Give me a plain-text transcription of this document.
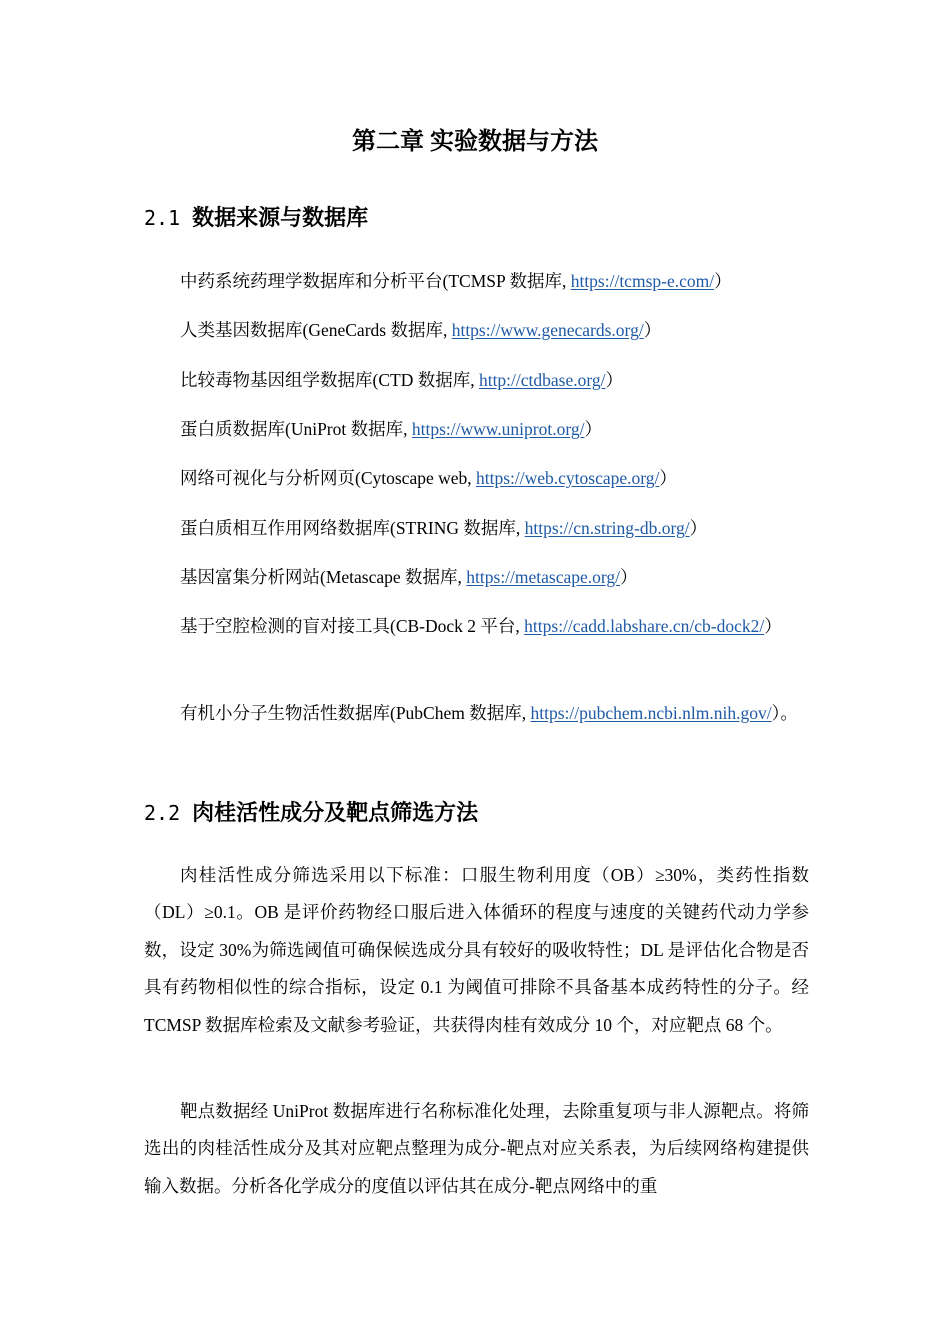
第二章 实验数据与方法
2.1 数据来源与数据库
中药系统药理学数据库和分析平台(TCMSP 数据库, https://tcmsp-e.com/）
人类基因数据库(GeneCards 数据库, https://www.genecards.org/）
比较毒物基因组学数据库(CTD 数据库, http://ctdbase.org/）
蛋白质数据库(UniProt 数据库, https://www.uniprot.org/）
网络可视化与分析网页(Cytoscape web, https://web.cytoscape.org/）
蛋白质相互作用网络数据库(STRING 数据库, https://cn.string-db.org/）
基因富集分析网站(Metascape 数据库, https://metascape.org/）
基于空腔检测的盲对接工具(CB-Dock 2 平台, https://cadd.labshare.cn/cb-dock2/）
有机小分子生物活性数据库(PubChem 数据库, https://pubchem.ncbi.nlm.nih.gov/）。
2.2 肉桂活性成分及靶点筛选方法
肉桂活性成分筛选采用以下标准：口服生物利用度（OB）≥30%，类药性指数（DL）≥0.1。OB 是评价药物经口服后进入体循环的程度与速度的关键药代动力学参数，设定 30%为筛选阈值可确保候选成分具有较好的吸收特性；DL 是评估化合物是否具有药物相似性的综合指标，设定 0.1 为阈值可排除不具备基本成药特性的分子。经 TCMSP 数据库检索及文献参考验证，共获得肉桂有效成分 10 个，对应靶点 68 个。
靶点数据经 UniProt 数据库进行名称标准化处理，去除重复项与非人源靶点。将筛选出的肉桂活性成分及其对应靶点整理为成分-靶点对应关系表，为后续网络构建提供输入数据。分析各化学成分的度值以评估其在成分-靶点网络中的重
